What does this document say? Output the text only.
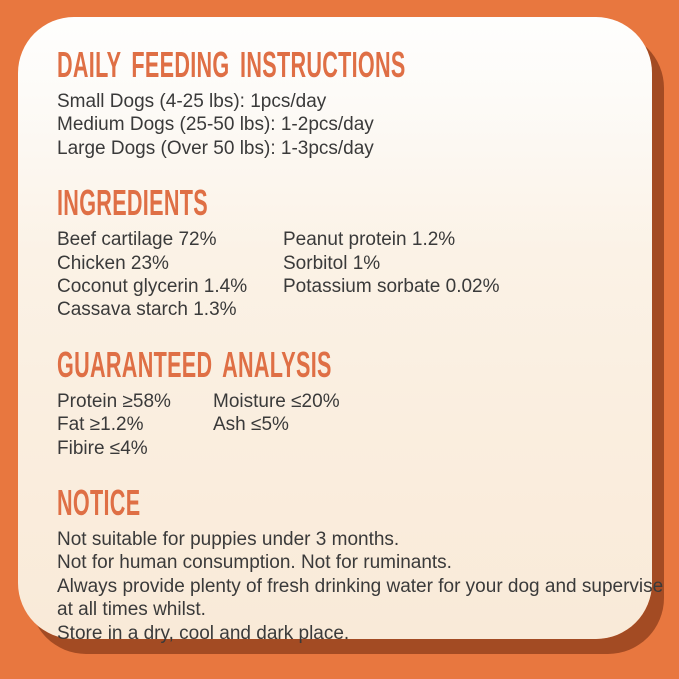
DAILY FEEDING INSTRUCTIONS
Small Dogs (4-25 lbs): 1pcs/day
Medium Dogs (25-50 lbs): 1-2pcs/day
Large Dogs (Over 50 lbs): 1-3pcs/day
INGREDIENTS
Beef cartilage 72%
Chicken 23%
Coconut glycerin 1.4%
Cassava starch 1.3%
Peanut protein 1.2%
Sorbitol 1%
Potassium sorbate 0.02%
GUARANTEED ANALYSIS
Protein ≥58%
Fat ≥1.2%
Fibire ≤4%
Moisture ≤20%
Ash ≤5%
NOTICE
Not suitable for puppies under 3 months.
Not for human consumption. Not for ruminants.
Always provide plenty of fresh drinking water for your dog and supervise
at all times whilst.
Store in a dry, cool and dark place.
